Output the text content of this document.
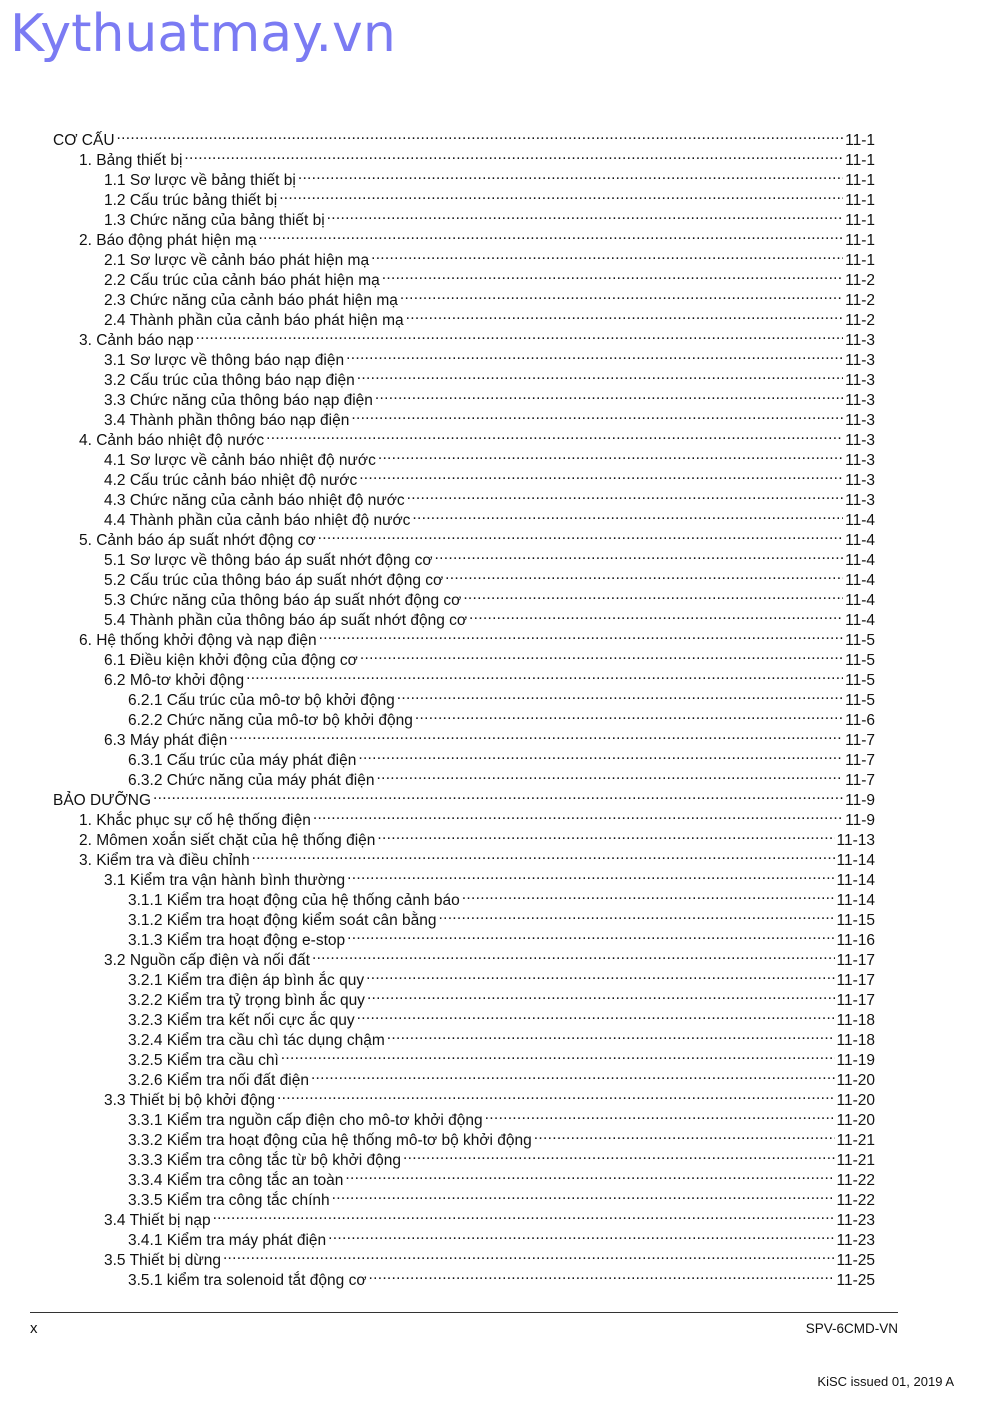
Kythuatmay.vn
CƠ CẤU .....	11-1
1. Bảng thiết bị .....	11-1
1.1 Sơ lược về bảng thiết bị .....	11-1
1.2 Cấu trúc bảng thiết bị .....	11-1
1.3 Chức năng của bảng thiết bị .....	11-1
2. Báo động phát hiện mạ .....	11-1
2.1 Sơ lược về cảnh báo phát hiện mạ .....	11-1
2.2 Cấu trúc của cảnh báo phát hiện mạ .....	11-2
2.3 Chức năng của cảnh báo phát hiện mạ .....	11-2
2.4 Thành phần của cảnh báo phát hiện mạ .....	11-2
3. Cảnh báo nạp .....	11-3
3.1 Sơ lược về thông báo nạp điện .....	11-3
3.2 Cấu trúc của thông báo nạp điện .....	11-3
3.3 Chức năng của thông báo nạp điện .....	11-3
3.4 Thành phần thông báo nạp điện .....	11-3
4. Cảnh báo nhiệt độ nước .....	11-3
4.1 Sơ lược về cảnh báo nhiệt độ nước .....	11-3
4.2 Cấu trúc cảnh báo nhiệt độ nước .....	11-3
4.3 Chức năng của cảnh báo nhiệt độ nước .....	11-3
4.4 Thành phần của cảnh báo nhiệt độ nước .....	11-4
5. Cảnh báo áp suất nhớt động cơ .....	11-4
5.1 Sơ lược về thông báo áp suất nhớt động cơ .....	11-4
5.2 Cấu trúc của thông báo áp suất nhớt động cơ .....	11-4
5.3 Chức năng của thông báo áp suất nhớt động cơ .....	11-4
5.4 Thành phần của thông báo áp suất nhớt động cơ .....	11-4
6. Hệ thống khởi động và nạp điện .....	11-5
6.1 Điều kiện khởi động của động cơ .....	11-5
6.2 Mô-tơ khởi động .....	11-5
6.2.1 Cấu trúc của mô-tơ bộ khởi động .....	11-5
6.2.2 Chức năng của mô-tơ bộ khởi động .....	11-6
6.3 Máy phát điện .....	11-7
6.3.1 Cấu trúc của máy phát điện .....	11-7
6.3.2 Chức năng của máy phát điện .....	11-7
BẢO DƯỠNG .....	11-9
1. Khắc phục sự cố hệ thống điện .....	11-9
2. Mômen xoắn siết chặt của hệ thống điện .....	11-13
3. Kiểm tra và điều chỉnh .....	11-14
3.1 Kiểm tra vận hành bình thường .....	11-14
3.1.1 Kiểm tra hoạt động của hệ thống cảnh báo .....	11-14
3.1.2 Kiểm tra hoạt động kiểm soát cân bằng .....	11-15
3.1.3 Kiểm tra hoạt động e-stop .....	11-16
3.2 Nguồn cấp điện và nối đất .....	11-17
3.2.1 Kiểm tra điện áp bình ắc quy .....	11-17
3.2.2 Kiểm tra tỷ trọng bình ắc quy .....	11-17
3.2.3 Kiểm tra kết nối cực ắc quy .....	11-18
3.2.4 Kiểm tra cầu chì tác dụng chậm .....	11-18
3.2.5 Kiểm tra cầu chì .....	11-19
3.2.6 Kiểm tra nối đất điện .....	11-20
3.3 Thiết bị bộ khởi động .....	11-20
3.3.1 Kiểm tra nguồn cấp điện cho mô-tơ khởi động .....	11-20
3.3.2 Kiểm tra hoạt động của hệ thống mô-tơ bộ khởi động .....	11-21
3.3.3 Kiểm tra công tắc từ bộ khởi động .....	11-21
3.3.4 Kiểm tra công tắc an toàn .....	11-22
3.3.5 Kiểm tra công tắc chính .....	11-22
3.4 Thiết bị nạp .....	11-23
3.4.1 Kiểm tra máy phát điện .....	11-23
3.5 Thiết bị dừng .....	11-25
3.5.1 kiểm tra solenoid tắt động cơ .....	11-25
x	SPV-6CMD-VN
KiSC issued 01, 2019 A
